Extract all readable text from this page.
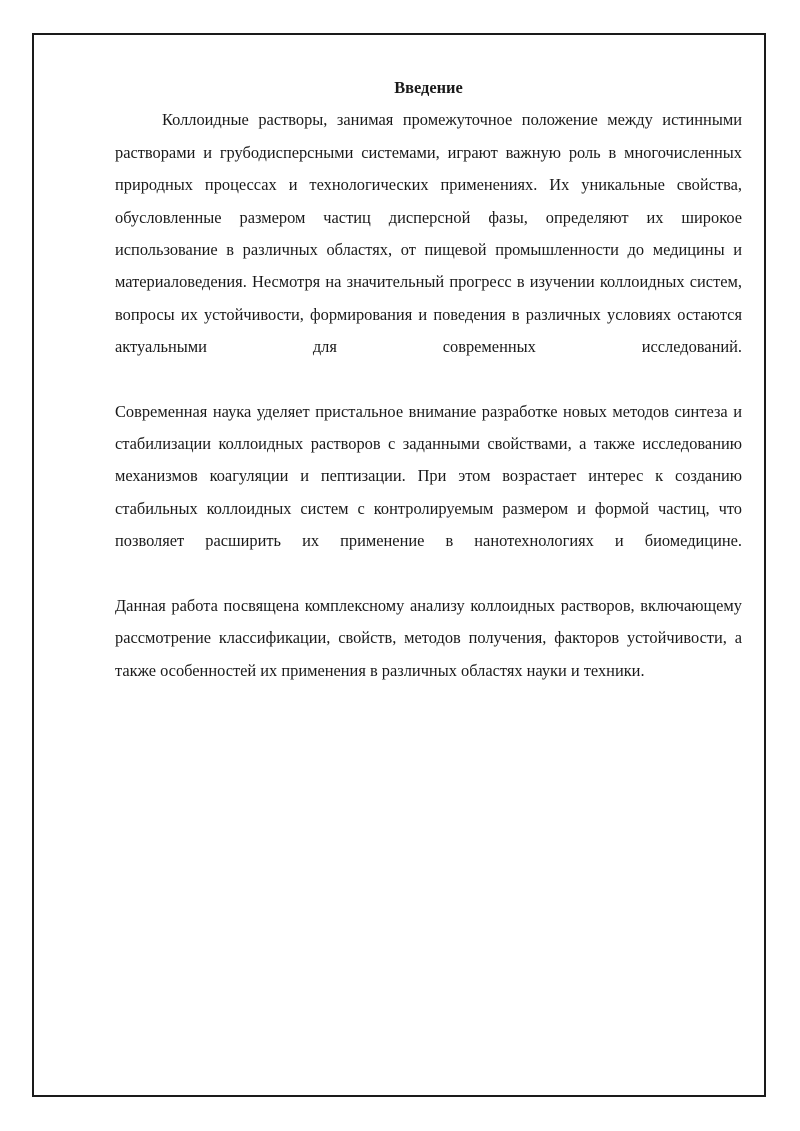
Введение

Коллоидные растворы, занимая промежуточное положение между истинными растворами и грубодисперсными системами, играют важную роль в многочисленных природных процессах и технологических применениях. Их уникальные свойства, обусловленные размером частиц дисперсной фазы, определяют их широкое использование в различных областях, от пищевой промышленности до медицины и материаловедения. Несмотря на значительный прогресс в изучении коллоидных систем, вопросы их устойчивости, формирования и поведения в различных условиях остаются актуальными для современных исследований.

Современная наука уделяет пристальное внимание разработке новых методов синтеза и стабилизации коллоидных растворов с заданными свойствами, а также исследованию механизмов коагуляции и пептизации. При этом возрастает интерес к созданию стабильных коллоидных систем с контролируемым размером и формой частиц, что позволяет расширить их применение в нанотехнологиях и биомедицине.

Данная работа посвящена комплексному анализу коллоидных растворов, включающему рассмотрение классификации, свойств, методов получения, факторов устойчивости, а также особенностей их применения в различных областях науки и техники.
